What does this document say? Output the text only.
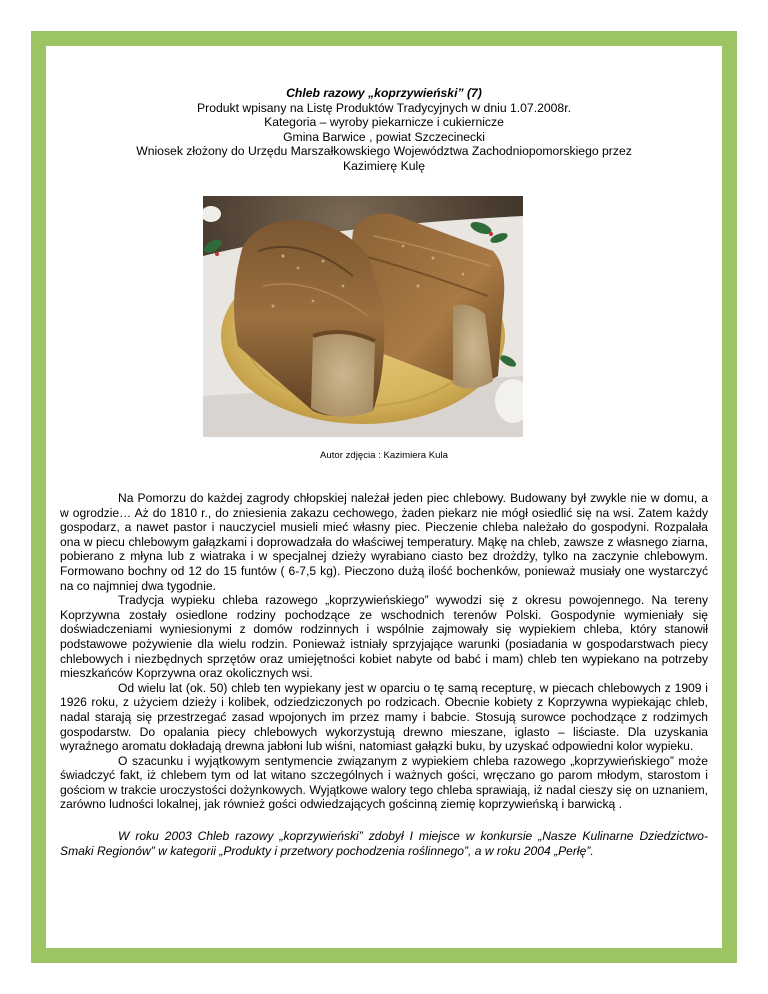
Chleb razowy „koprzywieński” (7)
Produkt wpisany na Listę Produktów Tradycyjnych w dniu 1.07.2008r.
Kategoria – wyroby piekarnicze i cukiernicze
Gmina Barwice , powiat Szczecinecki
Wniosek złożony do Urzędu Marszałkowskiego Województwa Zachodniopomorskiego przez
Kazimierę Kulę
Autor zdjęcia : Kazimiera Kula

Na Pomorzu do każdej zagrody chłopskiej należał jeden piec chlebowy. Budowany był zwykle nie w domu, a w ogrodzie… Aż do 1810 r., do zniesienia zakazu cechowego, żaden piekarz nie mógł osiedlić się na wsi. Zatem każdy gospodarz, a nawet pastor i nauczyciel musieli mieć własny piec. Pieczenie chleba należało do gospodyni. Rozpalała ona w piecu chlebowym gałązkami i doprowadzała do właściwej temperatury. Mąkę na chleb, zawsze z własnego ziarna, pobierano z młyna lub z wiatraka i w specjalnej dzieży wyrabiano ciasto bez drożdży, tylko na zaczynie chlebowym. Formowano bochny od 12 do 15 funtów ( 6-7,5 kg). Pieczono dużą ilość bochenków, ponieważ musiały one wystarczyć na co najmniej dwa tygodnie.

Tradycja wypieku chleba razowego „koprzywieńskiego” wywodzi się z okresu powojennego. Na tereny Koprzywna zostały osiedlone rodziny pochodzące ze wschodnich terenów Polski. Gospodynie wymieniały się doświadczeniami wyniesionymi z domów rodzinnych i wspólnie zajmowały się wypiekiem chleba, który stanowił podstawowe pożywienie dla wielu rodzin. Ponieważ istniały sprzyjające warunki (posiadania w gospodarstwach piecy chlebowych i niezbędnych sprzętów oraz umiejętności kobiet nabyte od babć i mam) chleb ten wypiekano na potrzeby mieszkańców Koprzywna oraz okolicznych wsi.

Od wielu lat (ok. 50) chleb ten wypiekany jest w oparciu o tę samą recepturę, w piecach chlebowych z 1909 i 1926 roku, z użyciem dzieży i kolibek, odziedziczonych po rodzicach. Obecnie kobiety z Koprzywna wypiekając chleb, nadal starają się przestrzegać zasad wpojonych im przez mamy i babcie. Stosują surowce pochodzące z rodzimych gospodarstw. Do opalania piecy chlebowych wykorzystują drewno mieszane, iglasto – liściaste. Dla uzyskania wyraźnego aromatu dokładają drewna jabłoni lub wiśni, natomiast gałązki buku, by uzyskać odpowiedni kolor wypieku.

O szacunku i wyjątkowym sentymencie związanym z wypiekiem chleba razowego „koprzywieńskiego” może świadczyć fakt, iż chlebem tym od lat witano szczególnych i ważnych gości, wręczano go parom młodym, starostom i gościom w trakcie uroczystości dożynkowych. Wyjątkowe walory tego chleba sprawiają, iż nadal cieszy się on uznaniem, zarówno ludności lokalnej, jak również gości odwiedzających gościnną ziemię koprzywieńską i barwicką .

W roku 2003 Chleb razowy „koprzywieński” zdobył I miejsce w konkursie „Nasze Kulinarne Dziedzictwo-Smaki Regionów” w kategorii „Produkty i przetwory pochodzenia roślinnego”, a w roku 2004 „Perłę”.
